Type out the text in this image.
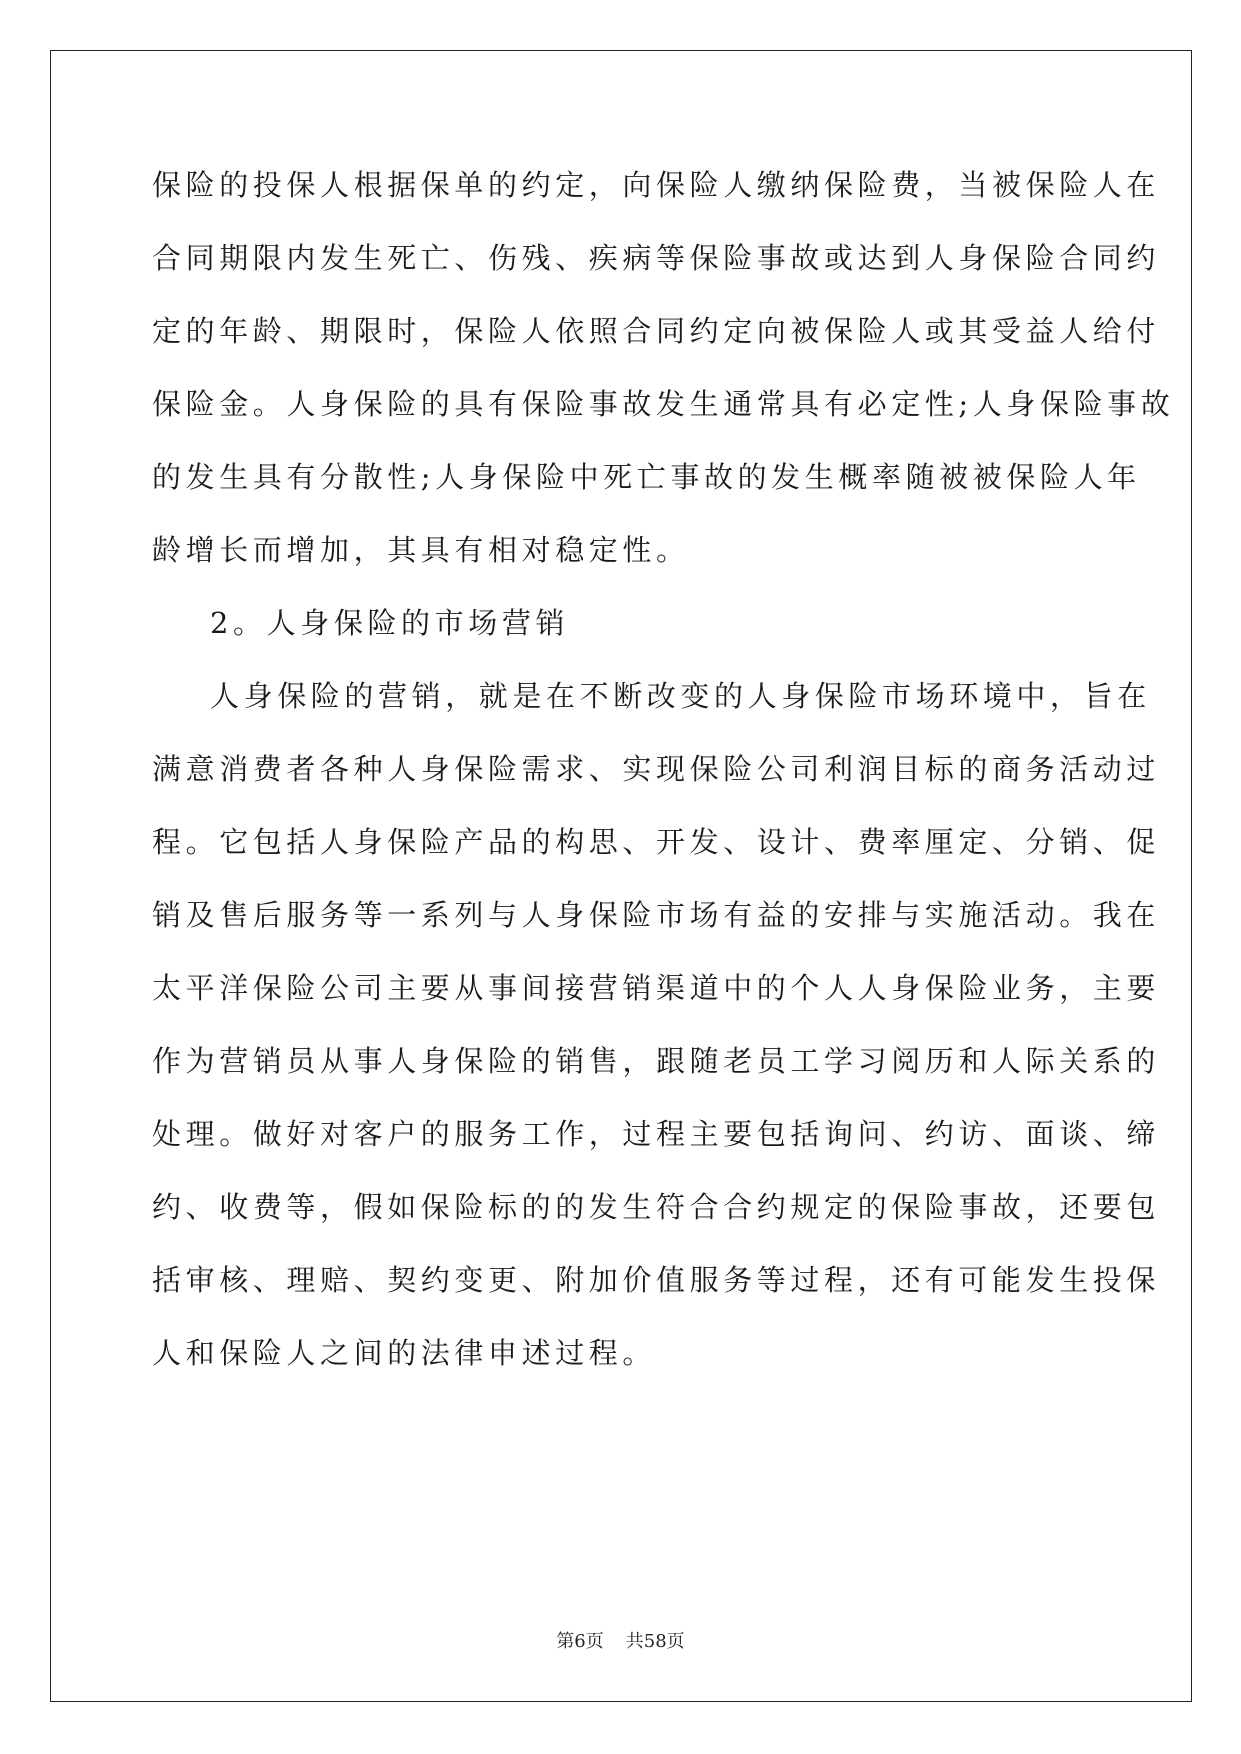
保险的投保人根据保单的约定，向保险人缴纳保险费，当被保险人在
合同期限内发生死亡、伤残、疾病等保险事故或达到人身保险合同约
定的年龄、期限时，保险人依照合同约定向被保险人或其受益人给付
保险金。人身保险的具有保险事故发生通常具有必定性;人身保险事故
的发生具有分散性;人身保险中死亡事故的发生概率随被被保险人年
龄增长而增加，其具有相对稳定性。
2。人身保险的市场营销
人身保险的营销，就是在不断改变的人身保险市场环境中，旨在
满意消费者各种人身保险需求、实现保险公司利润目标的商务活动过
程。它包括人身保险产品的构思、开发、设计、费率厘定、分销、促
销及售后服务等一系列与人身保险市场有益的安排与实施活动。我在
太平洋保险公司主要从事间接营销渠道中的个人人身保险业务，主要
作为营销员从事人身保险的销售，跟随老员工学习阅历和人际关系的
处理。做好对客户的服务工作，过程主要包括询问、约访、面谈、缔
约、收费等，假如保险标的的发生符合合约规定的保险事故，还要包
括审核、理赔、契约变更、附加价值服务等过程，还有可能发生投保
人和保险人之间的法律申述过程。
第6页 共58页
